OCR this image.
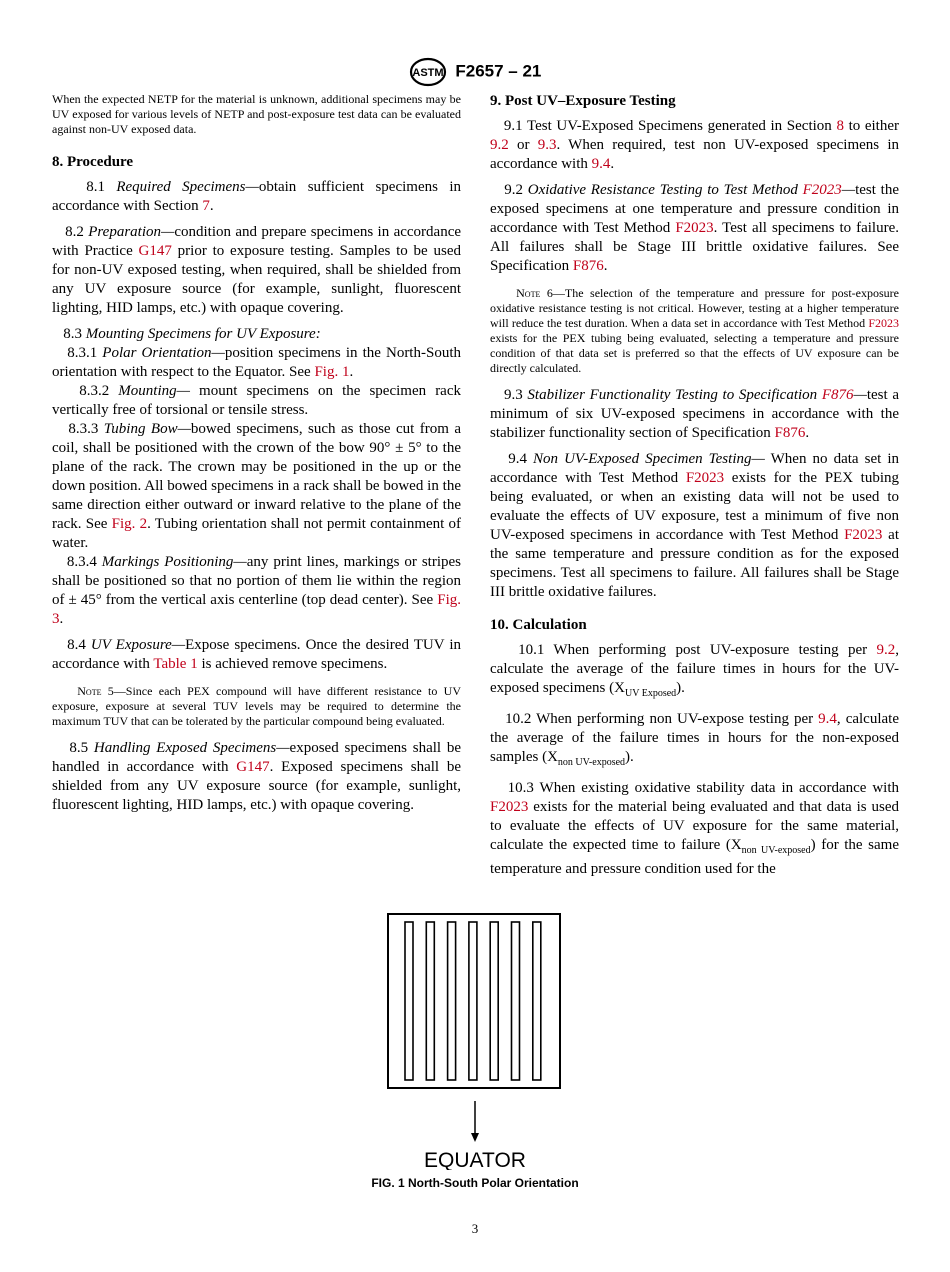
ASTM F2657 – 21

When the expected NETP for the material is unknown, additional specimens may be UV exposed for various levels of NETP and post-exposure test data can be evaluated against non-UV exposed data.

8. Procedure

8.1 Required Specimens—obtain sufficient specimens in accordance with Section 7.

8.2 Preparation—condition and prepare specimens in accordance with Practice G147 prior to exposure testing. Samples to be used for non-UV exposed testing, when required, shall be shielded from any UV exposure source (for example, sunlight, fluorescent lighting, HID lamps, etc.) with opaque covering.

8.3 Mounting Specimens for UV Exposure:

8.3.1 Polar Orientation—position specimens in the North-South orientation with respect to the Equator. See Fig. 1.

8.3.2 Mounting— mount specimens on the specimen rack vertically free of torsional or tensile stress.

8.3.3 Tubing Bow—bowed specimens, such as those cut from a coil, shall be positioned with the crown of the bow 90° ± 5° to the plane of the rack. The crown may be positioned in the up or the down position. All bowed specimens in a rack shall be bowed in the same direction either outward or inward relative to the plane of the rack. See Fig. 2. Tubing orientation shall not permit containment of water.

8.3.4 Markings Positioning—any print lines, markings or stripes shall be positioned so that no portion of them lie within the region of ± 45° from the vertical axis centerline (top dead center). See Fig. 3.

8.4 UV Exposure—Expose specimens. Once the desired TUV in accordance with Table 1 is achieved remove specimens.

Note 5—Since each PEX compound will have different resistance to UV exposure, exposure at several TUV levels may be required to determine the maximum TUV that can be tolerated by the particular compound being evaluated.

8.5 Handling Exposed Specimens—exposed specimens shall be handled in accordance with G147. Exposed specimens shall be shielded from any UV exposure source (for example, sunlight, fluorescent lighting, HID lamps, etc.) with opaque covering.

9. Post UV–Exposure Testing

9.1 Test UV-Exposed Specimens generated in Section 8 to either 9.2 or 9.3. When required, test non UV-exposed specimens in accordance with 9.4.

9.2 Oxidative Resistance Testing to Test Method F2023—test the exposed specimens at one temperature and pressure condition in accordance with Test Method F2023. Test all specimens to failure. All failures shall be Stage III brittle oxidative failures. See Specification F876.

Note 6—The selection of the temperature and pressure for post-exposure oxidative resistance testing is not critical. However, testing at a higher temperature will reduce the test duration. When a data set in accordance with Test Method F2023 exists for the PEX tubing being evaluated, selecting a temperature and pressure condition of that data set is preferred so that the effects of UV exposure can be directly calculated.

9.3 Stabilizer Functionality Testing to Specification F876—test a minimum of six UV-exposed specimens in accordance with the stabilizer functionality section of Specification F876.

9.4 Non UV-Exposed Specimen Testing— When no data set in accordance with Test Method F2023 exists for the PEX tubing being evaluated, or when an existing data will not be used to evaluate the effects of UV exposure, test a minimum of five non UV-exposed specimens in accordance with Test Method F2023 at the same temperature and pressure condition as for the exposed specimens. Test all specimens to failure. All failures shall be Stage III brittle oxidative failures.

10. Calculation

10.1 When performing post UV-exposure testing per 9.2, calculate the average of the failure times in hours for the UV-exposed specimens $(X_{UV Exposed})$.

10.2 When performing non UV-expose testing per 9.4, calculate the average of the failure times in hours for the non-exposed samples $(X_{non UV-exposed})$.

10.3 When existing oxidative stability data in accordance with F2023 exists for the material being evaluated and that data is used to evaluate the effects of UV exposure for the same material, calculate the expected time to failure $(X_{non UV-exposed})$ for the same temperature and pressure condition used for the

EQUATOR
FIG. 1 North-South Polar Orientation
3
